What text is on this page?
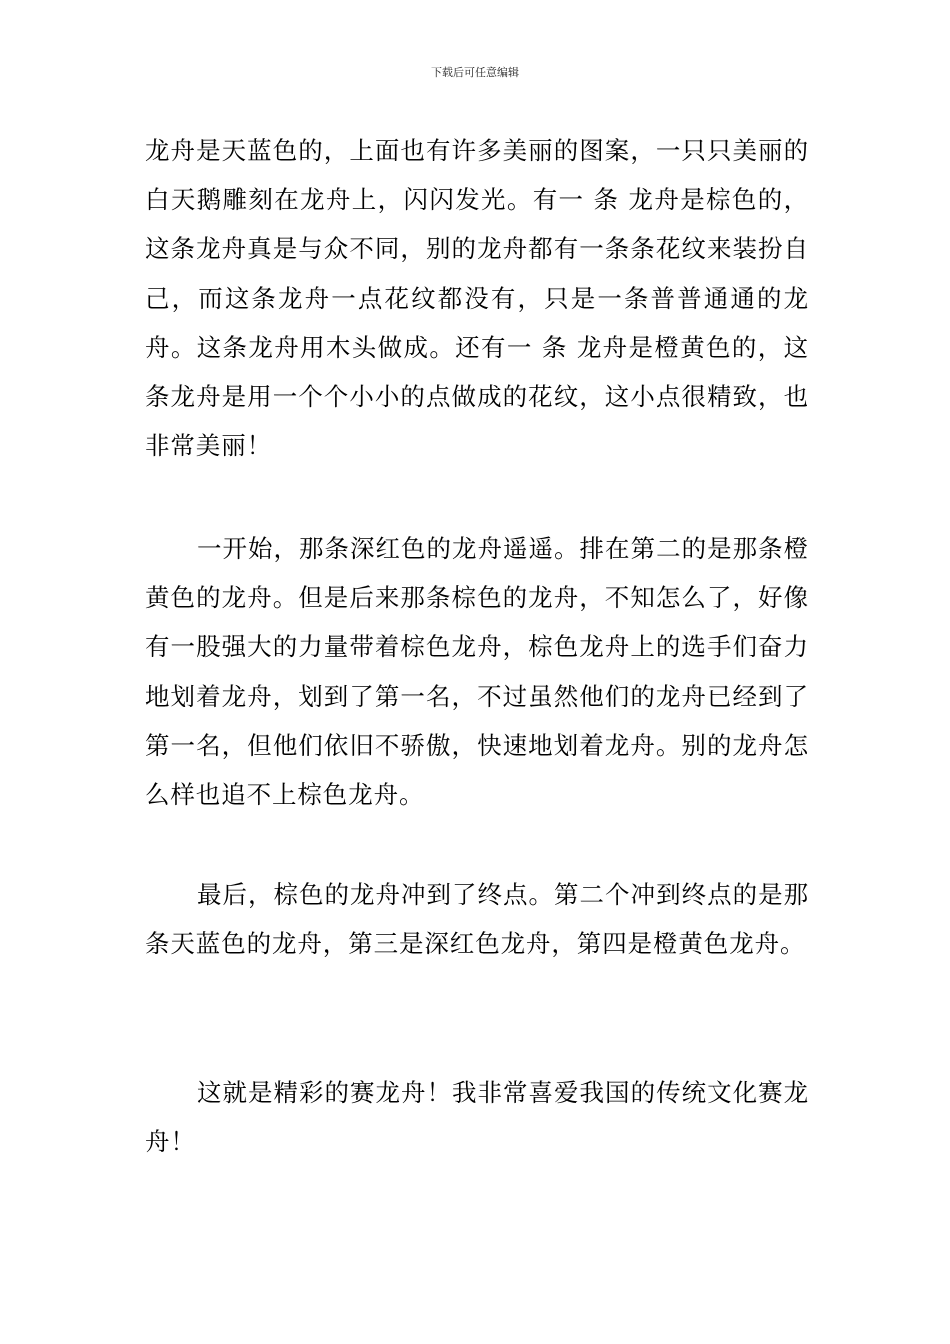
下载后可任意编辑

龙舟是天蓝色的，上面也有许多美丽的图案，一只只美丽的白天鹅雕刻在龙舟上，闪闪发光。有一 条 龙舟是棕色的，这条龙舟真是与众不同，别的龙舟都有一条条花纹来装扮自己，而这条龙舟一点花纹都没有，只是一条普普通通的龙舟。这条龙舟用木头做成。还有一 条 龙舟是橙黄色的，这条龙舟是用一个个小小的点做成的花纹，这小点很精致，也非常美丽！

一开始，那条深红色的龙舟遥遥。排在第二的是那条橙黄色的龙舟。但是后来那条棕色的龙舟，不知怎么了，好像有一股强大的力量带着棕色龙舟，棕色龙舟上的选手们奋力地划着龙舟，划到了第一名，不过虽然他们的龙舟已经到了第一名，但他们依旧不骄傲，快速地划着龙舟。别的龙舟怎么样也追不上棕色龙舟。

最后，棕色的龙舟冲到了终点。第二个冲到终点的是那条天蓝色的龙舟，第三是深红色龙舟，第四是橙黄色龙舟。

这就是精彩的赛龙舟！我非常喜爱我国的传统文化赛龙舟！
